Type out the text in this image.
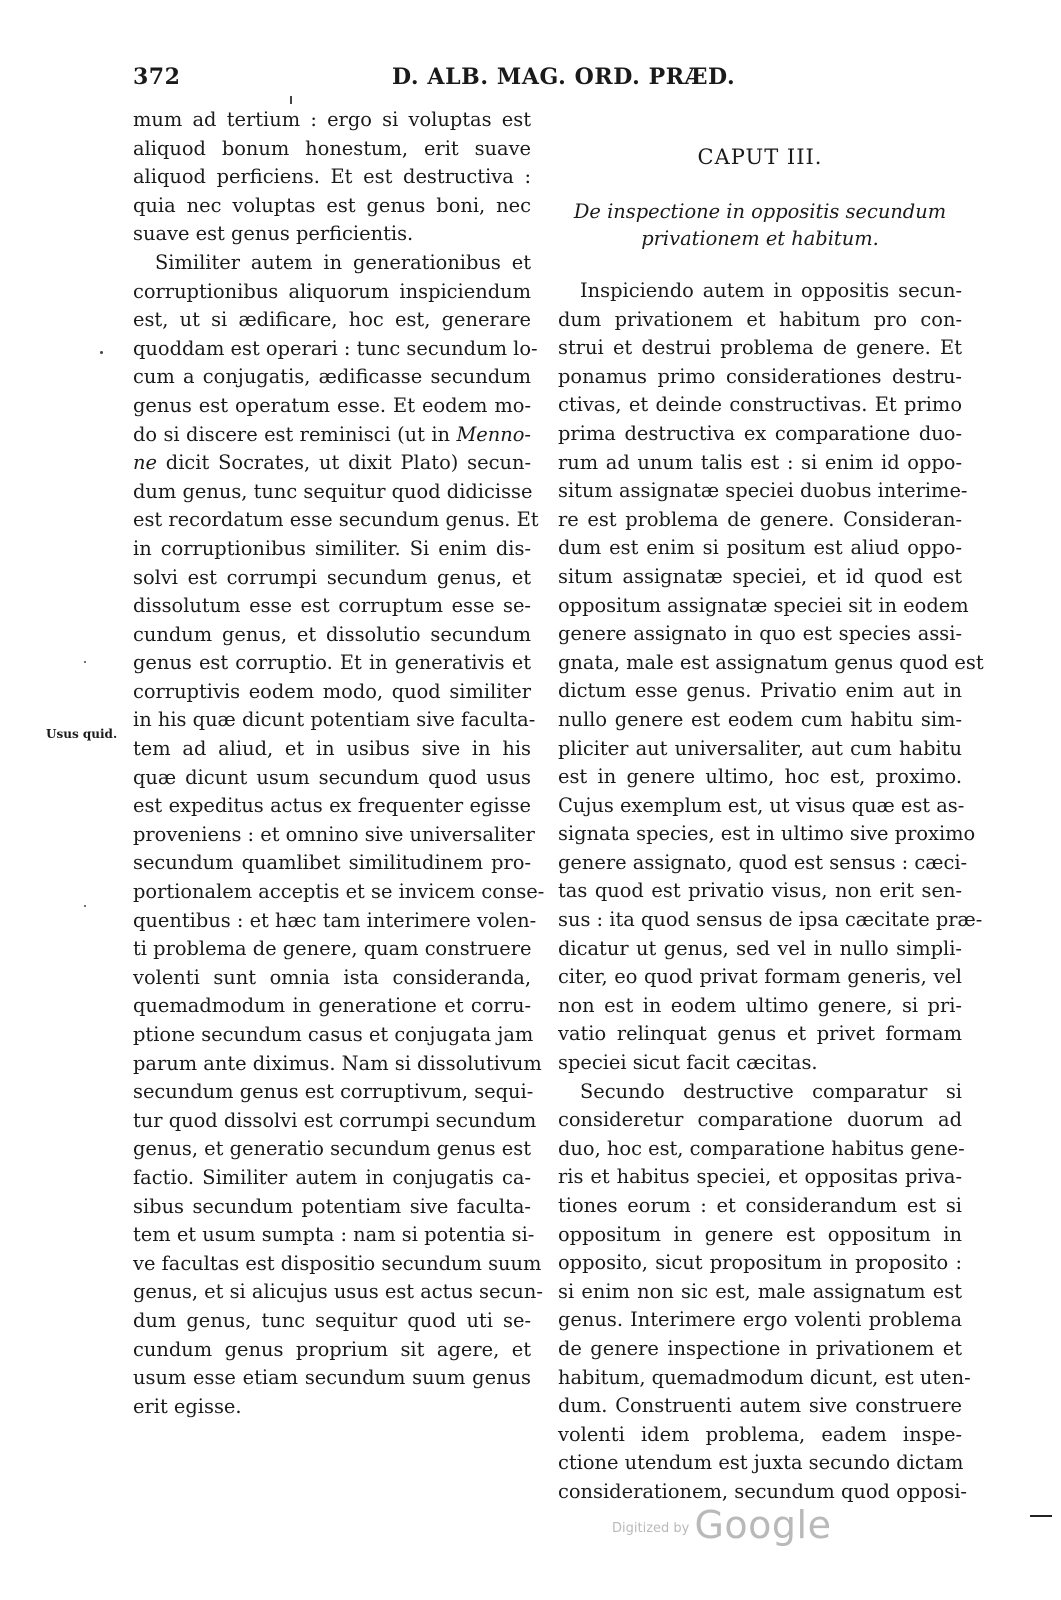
372	D. ALB. MAG. ORD. PRÆD.
Usus quid.

mum ad tertium : ergo si voluptas est
aliquod bonum honestum, erit suave
aliquod perficiens. Et est destructiva :
quia nec voluptas est genus boni, nec
suave est genus perficientis.

Similiter autem in generationibus et
corruptionibus aliquorum inspiciendum
est, ut si ædificare, hoc est, generare
quoddam est operari : tunc secundum lo-
cum a conjugatis, ædificasse secundum
genus est operatum esse. Et eodem mo-
do si discere est reminisci (ut in Menno-
ne dicit Socrates, ut dixit Plato) secun-
dum genus, tunc sequitur quod didicisse
est recordatum esse secundum genus. Et
in corruptionibus similiter. Si enim dis-
solvi est corrumpi secundum genus, et
dissolutum esse est corruptum esse se-
cundum genus, et dissolutio secundum
genus est corruptio. Et in generativis et
corruptivis eodem modo, quod similiter
in his quæ dicunt potentiam sive faculta-
tem ad aliud, et in usibus sive in his
quæ dicunt usum secundum quod usus
est expeditus actus ex frequenter egisse
proveniens : et omnino sive universaliter
secundum quamlibet similitudinem pro-
portionalem acceptis et se invicem conse-
quentibus : et hæc tam interimere volen-
ti problema de genere, quam construere
volenti sunt omnia ista consideranda,
quemadmodum in generatione et corru-
ptione secundum casus et conjugata jam
parum ante diximus. Nam si dissolutivum
secundum genus est corruptivum, sequi-
tur quod dissolvi est corrumpi secundum
genus, et generatio secundum genus est
factio. Similiter autem in conjugatis ca-
sibus secundum potentiam sive faculta-
tem et usum sumpta : nam si potentia si-
ve facultas est dispositio secundum suum
genus, et si alicujus usus est actus secun-
dum genus, tunc sequitur quod uti se-
cundum genus proprium sit agere, et
usum esse etiam secundum suum genus
erit egisse.

CAPUT III.
De inspectione in oppositis secundum
privationem et habitum.

Inspiciendo autem in oppositis secun-
dum privationem et habitum pro con-
strui et destrui problema de genere. Et
ponamus primo considerationes destru-
ctivas, et deinde constructivas. Et primo
prima destructiva ex comparatione duo-
rum ad unum talis est : si enim id oppo-
situm assignatæ speciei duobus interime-
re est problema de genere. Consideran-
dum est enim si positum est aliud oppo-
situm assignatæ speciei, et id quod est
oppositum assignatæ speciei sit in eodem
genere assignato in quo est species assi-
gnata, male est assignatum genus quod est
dictum esse genus. Privatio enim aut in
nullo genere est eodem cum habitu sim-
pliciter aut universaliter, aut cum habitu
est in genere ultimo, hoc est, proximo.
Cujus exemplum est, ut visus quæ est as-
signata species, est in ultimo sive proximo
genere assignato, quod est sensus : cæci-
tas quod est privatio visus, non erit sen-
sus : ita quod sensus de ipsa cæcitate præ-
dicatur ut genus, sed vel in nullo simpli-
citer, eo quod privat formam generis, vel
non est in eodem ultimo genere, si pri-
vatio relinquat genus et privet formam
speciei sicut facit cæcitas.

Secundo destructive comparatur si
consideretur comparatione duorum ad
duo, hoc est, comparatione habitus gene-
ris et habitus speciei, et oppositas priva-
tiones eorum : et considerandum est si
oppositum in genere est oppositum in
opposito, sicut propositum in proposito :
si enim non sic est, male assignatum est
genus. Interimere ergo volenti problema
de genere inspectione in privationem et
habitum, quemadmodum dicunt, est uten-
dum. Construenti autem sive construere
volenti idem problema, eadem inspe-
ctione utendum est juxta secundo dictam
considerationem, secundum quod opposi-

$^{Digitized by}$ Google
